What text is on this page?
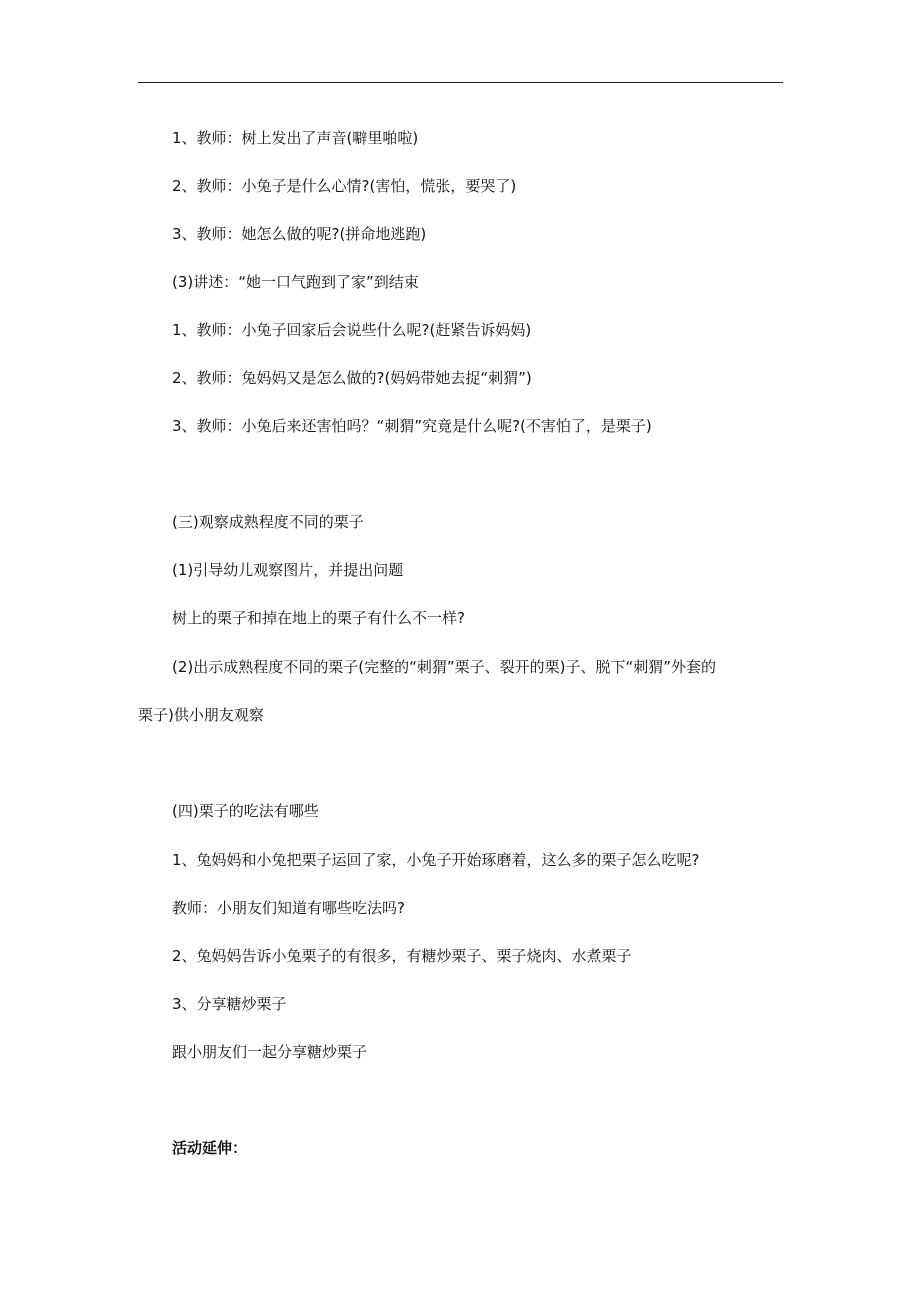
1、教师：树上发出了声音(噼里啪啦)
2、教师：小兔子是什么心情?(害怕，慌张，要哭了)
3、教师：她怎么做的呢?(拼命地逃跑)
(3)讲述：“她一口气跑到了家”到结束
1、教师：小兔子回家后会说些什么呢?(赶紧告诉妈妈)
2、教师：兔妈妈又是怎么做的?(妈妈带她去捉“刺猬”)
3、教师：小兔后来还害怕吗？“刺猬”究竟是什么呢?(不害怕了，是栗子)
(三)观察成熟程度不同的栗子
(1)引导幼儿观察图片，并提出问题
树上的栗子和掉在地上的栗子有什么不一样?
(2)出示成熟程度不同的栗子(完整的“刺猬”栗子、裂开的栗)子、脱下“刺猬”外套的
栗子)供小朋友观察
(四)栗子的吃法有哪些
1、兔妈妈和小兔把栗子运回了家，小兔子开始琢磨着，这么多的栗子怎么吃呢?
教师：小朋友们知道有哪些吃法吗?
2、兔妈妈告诉小兔栗子的有很多，有糖炒栗子、栗子烧肉、水煮栗子
3、分享糖炒栗子
跟小朋友们一起分享糖炒栗子
活动延伸：
